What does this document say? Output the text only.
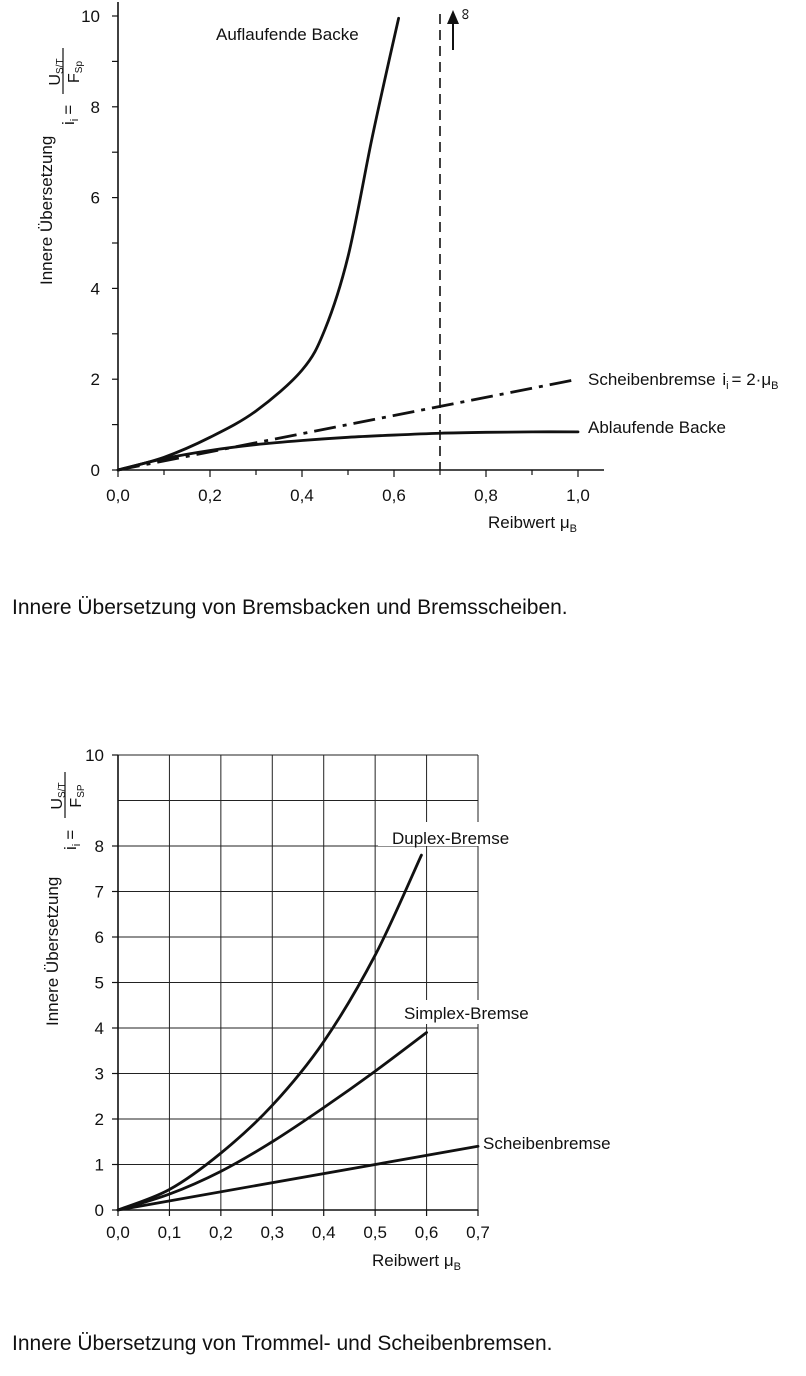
Innere Übersetzung
$i_i=$
US/T
FSp
0,0	0,2	0,4	0,6	0,8	1,0
0
2
4
6
8
10	∞
Auflaufende Backe
Scheibenbremse $i_i = 2\cdot\mu_B$
Ablaufende Backe
Reibwert $\mu_B$
Innere Übersetzung von Bremsbacken und Bremsscheiben.
Innere Übersetzung
$i_i=$
US/T
FSP
0,0 0,1 0,2 0,3 0,4 0,5 0,6 0,7
0
1
2
3
4
5
6
7
8
10
Duplex-Bremse
Simplex-Bremse
Scheibenbremse
Reibwert $\mu_B$
Innere Übersetzung von Trommel- und Scheibenbremsen.
